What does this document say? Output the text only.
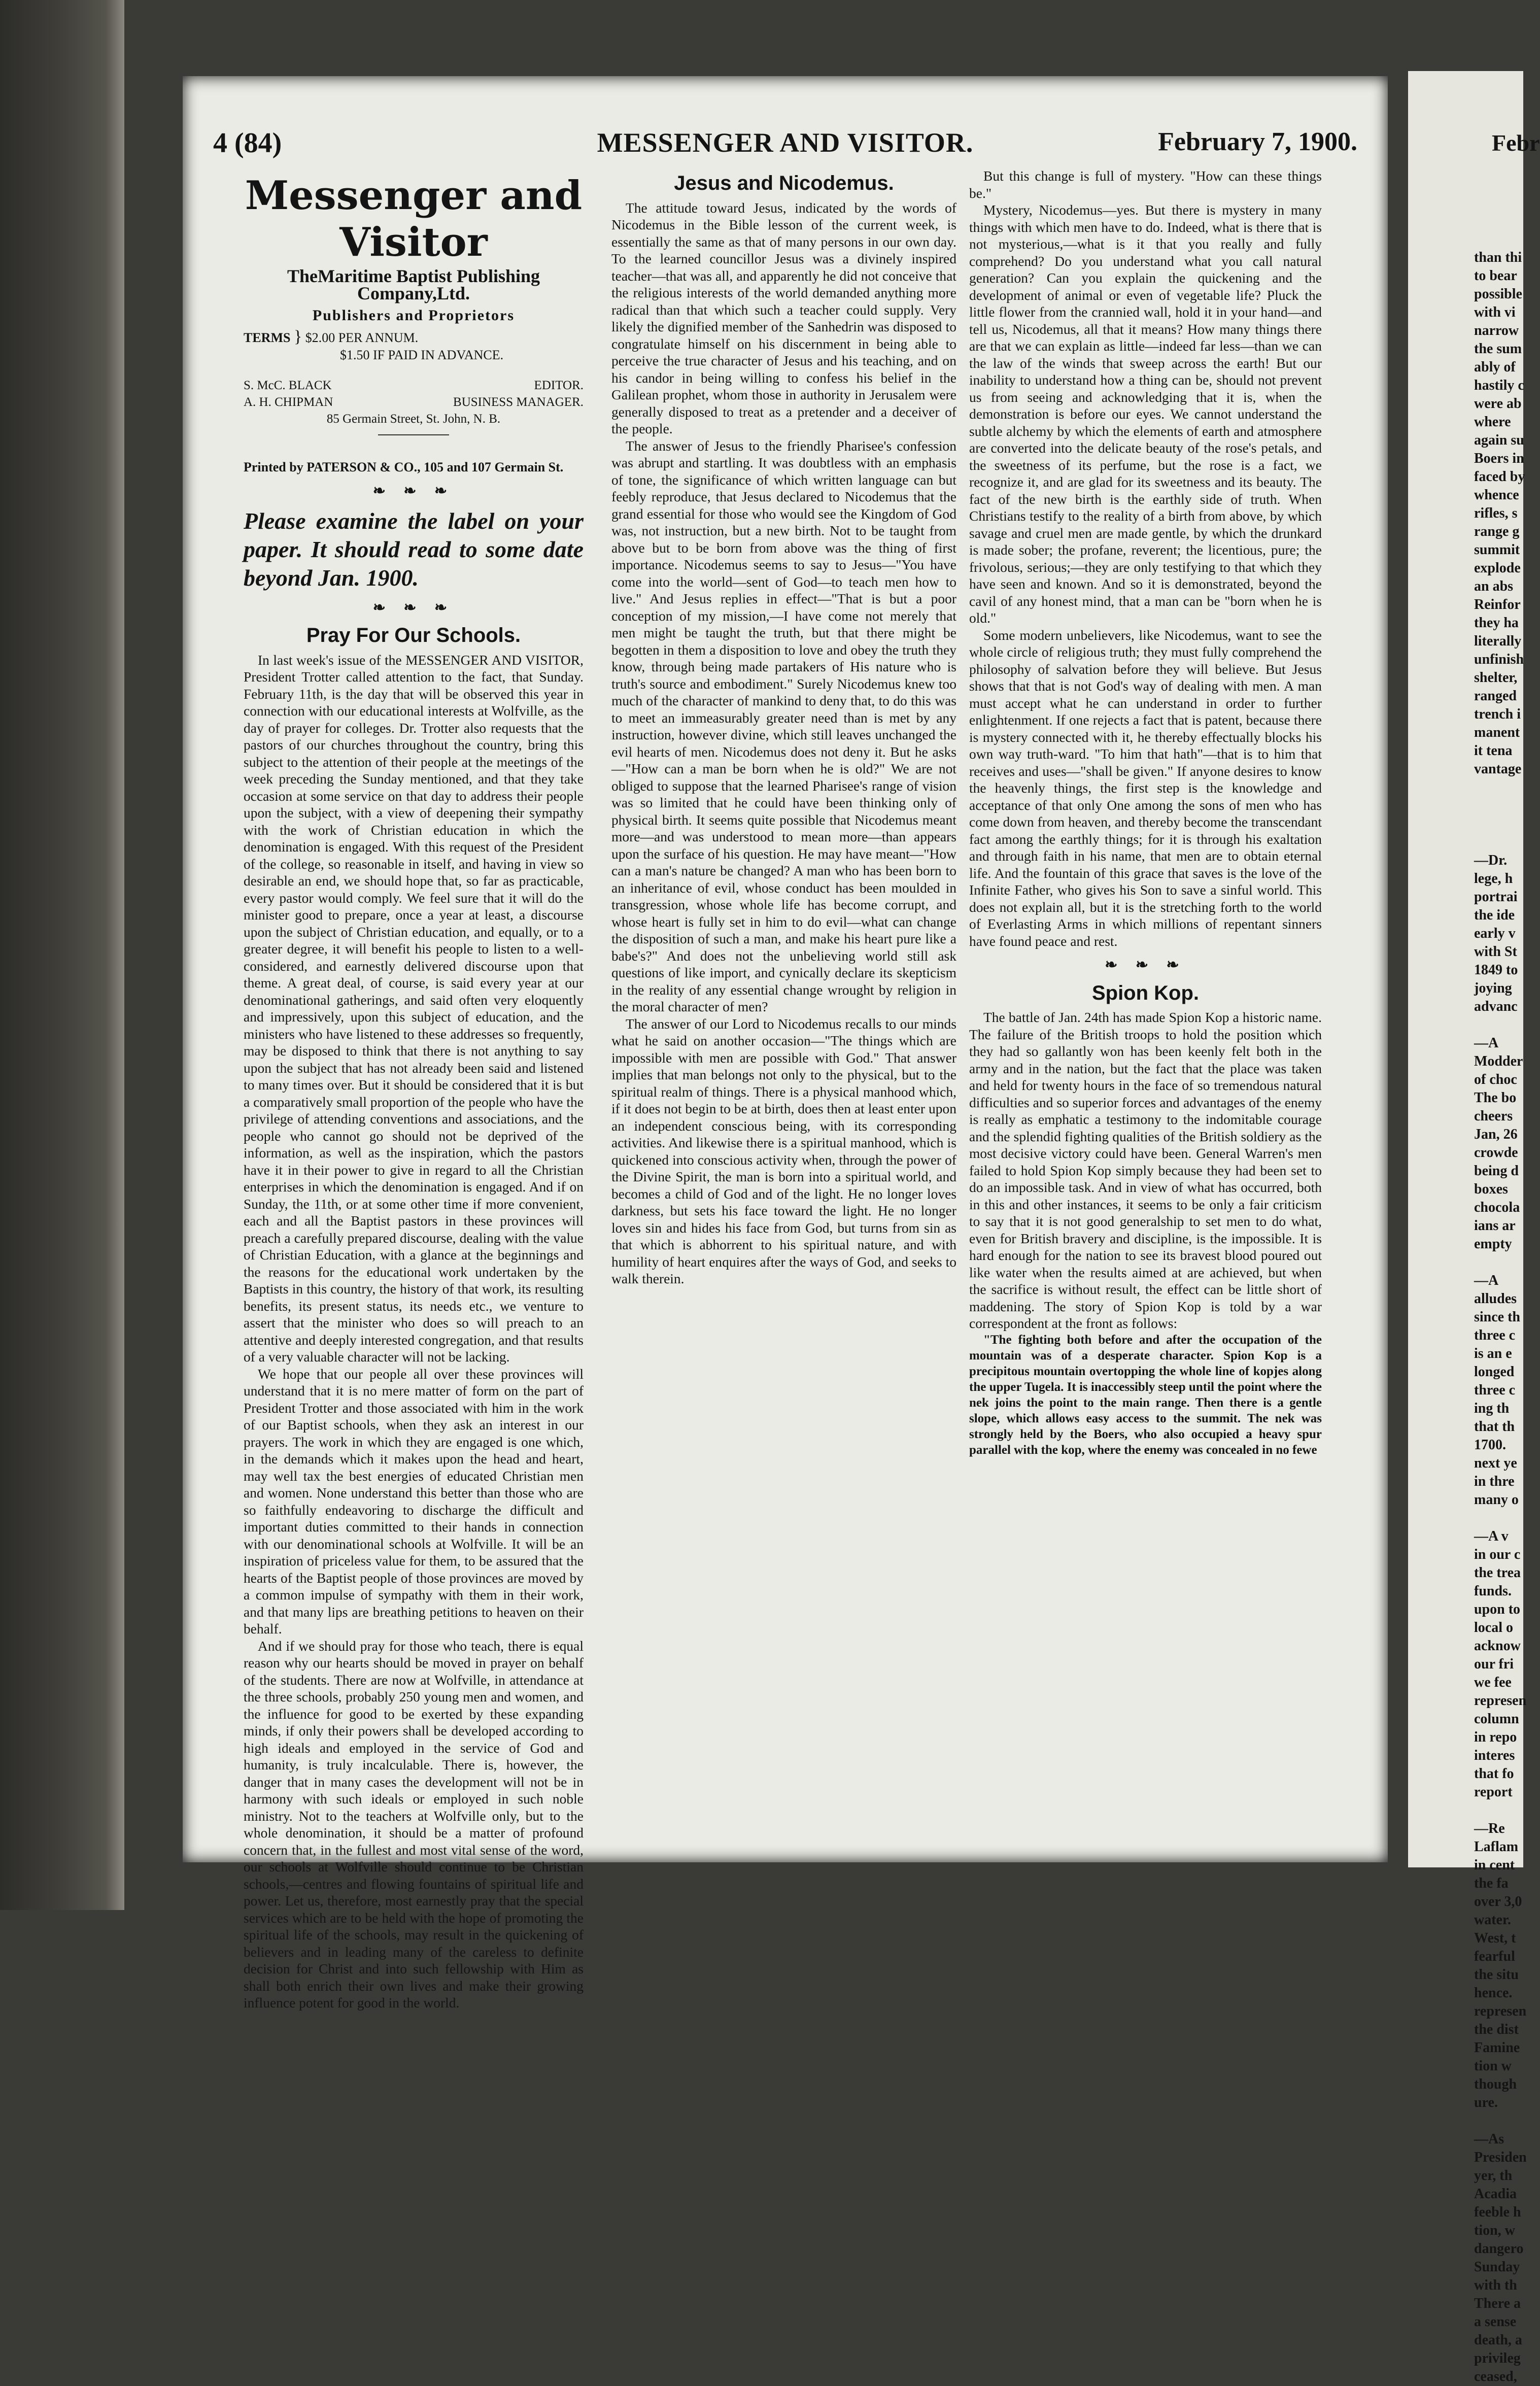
4 (84)	MESSENGER AND VISITOR.	February 7, 1900.
Messenger and Visitor
TheMaritime Baptist Publishing Company,Ltd.
Publishers and Proprietors
TERMS } $2.00 PER ANNUM.
$1.50 IF PAID IN ADVANCE.
S. McC. BLACK	EDITOR.
A. H. CHIPMAN	BUSINESS MANAGER.
85 Germain Street, St. John, N. B.
Printed by PATERSON & CO., 105 and 107 Germain St.
❧ ❧ ❧
Please examine the label on your paper. It should read to some date beyond Jan. 1900.
❧ ❧ ❧
Pray For Our Schools.

In last week's issue of the MESSENGER AND VISITOR, President Trotter called attention to the fact, that Sunday. February 11th, is the day that will be observed this year in connection with our educational interests at Wolfville, as the day of prayer for colleges. Dr. Trotter also requests that the pastors of our churches throughout the country, bring this subject to the attention of their people at the meetings of the week preceding the Sunday mentioned, and that they take occasion at some service on that day to address their people upon the subject, with a view of deepening their sympathy with the work of Christian education in which the denomination is engaged. With this request of the President of the college, so reasonable in itself, and having in view so desirable an end, we should hope that, so far as practicable, every pastor would comply. We feel sure that it will do the minister good to prepare, once a year at least, a discourse upon the subject of Christian education, and equally, or to a greater degree, it will benefit his people to listen to a well-considered, and earnestly delivered discourse upon that theme. A great deal, of course, is said every year at our denominational gatherings, and said often very eloquently and impressively, upon this subject of education, and the ministers who have listened to these addresses so frequently, may be disposed to think that there is not anything to say upon the subject that has not already been said and listened to many times over. But it should be considered that it is but a comparatively small proportion of the people who have the privilege of attending conventions and associations, and the people who cannot go should not be deprived of the information, as well as the inspiration, which the pastors have it in their power to give in regard to all the Christian enterprises in which the denomination is engaged. And if on Sunday, the 11th, or at some other time if more convenient, each and all the Baptist pastors in these provinces will preach a carefully prepared discourse, dealing with the value of Christian Education, with a glance at the beginnings and the reasons for the educational work undertaken by the Baptists in this country, the history of that work, its resulting benefits, its present status, its needs etc., we venture to assert that the minister who does so will preach to an attentive and deeply interested congregation, and that results of a very valuable character will not be lacking.

We hope that our people all over these provinces will understand that it is no mere matter of form on the part of President Trotter and those associated with him in the work of our Baptist schools, when they ask an interest in our prayers. The work in which they are engaged is one which, in the demands which it makes upon the head and heart, may well tax the best energies of educated Christian men and women. None understand this better than those who are so faithfully endeavoring to discharge the difficult and important duties committed to their hands in connection with our denominational schools at Wolfville. It will be an inspiration of priceless value for them, to be assured that the hearts of the Baptist people of those provinces are moved by a common impulse of sympathy with them in their work, and that many lips are breathing petitions to heaven on their behalf.

And if we should pray for those who teach, there is equal reason why our hearts should be moved in prayer on behalf of the students. There are now at Wolfville, in attendance at the three schools, probably 250 young men and women, and the influence for good to be exerted by these expanding minds, if only their powers shall be developed according to high ideals and employed in the service of God and humanity, is truly incalculable. There is, however, the danger that in many cases the development will not be in harmony with such ideals or employed in such noble ministry. Not to the teachers at Wolfville only, but to the whole denomination, it should be a matter of profound concern that, in the fullest and most vital sense of the word, our schools at Wolfville should continue to be Christian schools,—centres and flowing fountains of spiritual life and power. Let us, therefore, most earnestly pray that the special services which are to be held with the hope of promoting the spiritual life of the schools, may result in the quickening of believers and in leading many of the careless to definite decision for Christ and into such fellowship with Him as shall both enrich their own lives and make their growing influence potent for good in the world.

Jesus and Nicodemus.

The attitude toward Jesus, indicated by the words of Nicodemus in the Bible lesson of the current week, is essentially the same as that of many persons in our own day. To the learned councillor Jesus was a divinely inspired teacher—that was all, and apparently he did not conceive that the religious interests of the world demanded anything more radical than that which such a teacher could supply. Very likely the dignified member of the Sanhedrin was disposed to congratulate himself on his discernment in being able to perceive the true character of Jesus and his teaching, and on his candor in being willing to confess his belief in the Galilean prophet, whom those in authority in Jerusalem were generally disposed to treat as a pretender and a deceiver of the people.

The answer of Jesus to the friendly Pharisee's confession was abrupt and startling. It was doubtless with an emphasis of tone, the significance of which written language can but feebly reproduce, that Jesus declared to Nicodemus that the grand essential for those who would see the Kingdom of God was, not instruction, but a new birth. Not to be taught from above but to be born from above was the thing of first importance. Nicodemus seems to say to Jesus—"You have come into the world—sent of God—to teach men how to live." And Jesus replies in effect—"That is but a poor conception of my mission,—I have come not merely that men might be taught the truth, but that there might be begotten in them a disposition to love and obey the truth they know, through being made partakers of His nature who is truth's source and embodiment." Surely Nicodemus knew too much of the character of mankind to deny that, to do this was to meet an immeasurably greater need than is met by any instruction, however divine, which still leaves unchanged the evil hearts of men. Nicodemus does not deny it. But he asks—"How can a man be born when he is old?" We are not obliged to suppose that the learned Pharisee's range of vision was so limited that he could have been thinking only of physical birth. It seems quite possible that Nicodemus meant more—and was understood to mean more—than appears upon the surface of his question. He may have meant—"How can a man's nature be changed? A man who has been born to an inheritance of evil, whose conduct has been moulded in transgression, whose whole life has become corrupt, and whose heart is fully set in him to do evil—what can change the disposition of such a man, and make his heart pure like a babe's?" And does not the unbelieving world still ask questions of like import, and cynically declare its skepticism in the reality of any essential change wrought by religion in the moral character of men?

The answer of our Lord to Nicodemus recalls to our minds what he said on another occasion—"The things which are impossible with men are possible with God." That answer implies that man belongs not only to the physical, but to the spiritual realm of things. There is a physical manhood which, if it does not begin to be at birth, does then at least enter upon an independent conscious being, with its corresponding activities. And likewise there is a spiritual manhood, which is quickened into conscious activity when, through the power of the Divine Spirit, the man is born into a spiritual world, and becomes a child of God and of the light. He no longer loves darkness, but sets his face toward the light. He no longer loves sin and hides his face from God, but turns from sin as that which is abhorrent to his spiritual nature, and with humility of heart enquires after the ways of God, and seeks to walk therein.

But this change is full of mystery. "How can these things be."

Mystery, Nicodemus—yes. But there is mystery in many things with which men have to do. Indeed, what is there that is not mysterious,—what is it that you really and fully comprehend? Do you understand what you call natural generation? Can you explain the quickening and the development of animal or even of vegetable life? Pluck the little flower from the crannied wall, hold it in your hand—and tell us, Nicodemus, all that it means? How many things there are that we can explain as little—indeed far less—than we can the law of the winds that sweep across the earth! But our inability to understand how a thing can be, should not prevent us from seeing and acknowledging that it is, when the demonstration is before our eyes. We cannot understand the subtle alchemy by which the elements of earth and atmosphere are converted into the delicate beauty of the rose's petals, and the sweetness of its perfume, but the rose is a fact, we recognize it, and are glad for its sweetness and its beauty. The fact of the new birth is the earthly side of truth. When Christians testify to the reality of a birth from above, by which savage and cruel men are made gentle, by which the drunkard is made sober; the profane, reverent; the licentious, pure; the frivolous, serious;—they are only testifying to that which they have seen and known. And so it is demonstrated, beyond the cavil of any honest mind, that a man can be "born when he is old."

Some modern unbelievers, like Nicodemus, want to see the whole circle of religious truth; they must fully comprehend the philosophy of salvation before they will believe. But Jesus shows that that is not God's way of dealing with men. A man must accept what he can understand in order to further enlightenment. If one rejects a fact that is patent, because there is mystery connected with it, he thereby effectually blocks his own way truth-ward. "To him that hath"—that is to him that receives and uses—"shall be given." If anyone desires to know the heavenly things, the first step is the knowledge and acceptance of that only One among the sons of men who has come down from heaven, and thereby become the transcendant fact among the earthly things; for it is through his exaltation and through faith in his name, that men are to obtain eternal life. And the fountain of this grace that saves is the love of the Infinite Father, who gives his Son to save a sinful world. This does not explain all, but it is the stretching forth to the world of Everlasting Arms in which millions of repentant sinners have found peace and rest.

❧ ❧ ❧
Spion Kop.

The battle of Jan. 24th has made Spion Kop a historic name. The failure of the British troops to hold the position which they had so gallantly won has been keenly felt both in the army and in the nation, but the fact that the place was taken and held for twenty hours in the face of so tremendous natural difficulties and so superior forces and advantages of the enemy is really as emphatic a testimony to the indomitable courage and the splendid fighting qualities of the British soldiery as the most decisive victory could have been. General Warren's men failed to hold Spion Kop simply because they had been set to do an impossible task. And in view of what has occurred, both in this and other instances, it seems to be only a fair criticism to say that it is not good generalship to set men to do what, even for British bravery and discipline, is the impossible. It is hard enough for the nation to see its bravest blood poured out like water when the results aimed at are achieved, but when the sacrifice is without result, the effect can be little short of maddening. The story of Spion Kop is told by a war correspondent at the front as follows:

"The fighting both before and after the occupation of the mountain was of a desperate character. Spion Kop is a precipitous mountain overtopping the whole line of kopjes along the upper Tugela. It is inaccessibly steep until the point where the nek joins the point to the main range. Then there is a gentle slope, which allows easy access to the summit. The nek was strongly held by the Boers, who also occupied a heavy spur parallel with the kop, where the enemy was concealed in no fewe

Febr
than thi
to bear
possible
with vi
narrow
the sum
ably of
hastily c
were ab
where
again su
Boers in
faced by
whence
rifles, s
range g
summit
explode
an abs
Reinfor
they ha
literally
unfinish
shelter,
ranged
trench i
manent
it tena
vantage

—Dr.
lege, h
portrai
the ide
early v
with St
1849 to
joying
advanc

—A
Modder
of choc
The bo
cheers
Jan, 26
crowde
being d
boxes
chocola
ians ar
empty

—A
alludes
since th
three c
is an e
longed
three c
ing th
that th
1700.
next ye
in thre
many o

—A v
in our c
the trea
funds.
upon to
local o
acknow
our fri
we fee
represen
column
in repo
interes
that fo
report

—Re
Laflam
in cent
the fa
over 3,0
water.
West, t
fearful
the situ
hence.
represen
the dist
Famine
tion w
though
ure.

—As
Presiden
yer, th
Acadia
feeble h
tion, w
dangero
Sunday
with th
There a
a sense
death, a
privileg
ceased,
